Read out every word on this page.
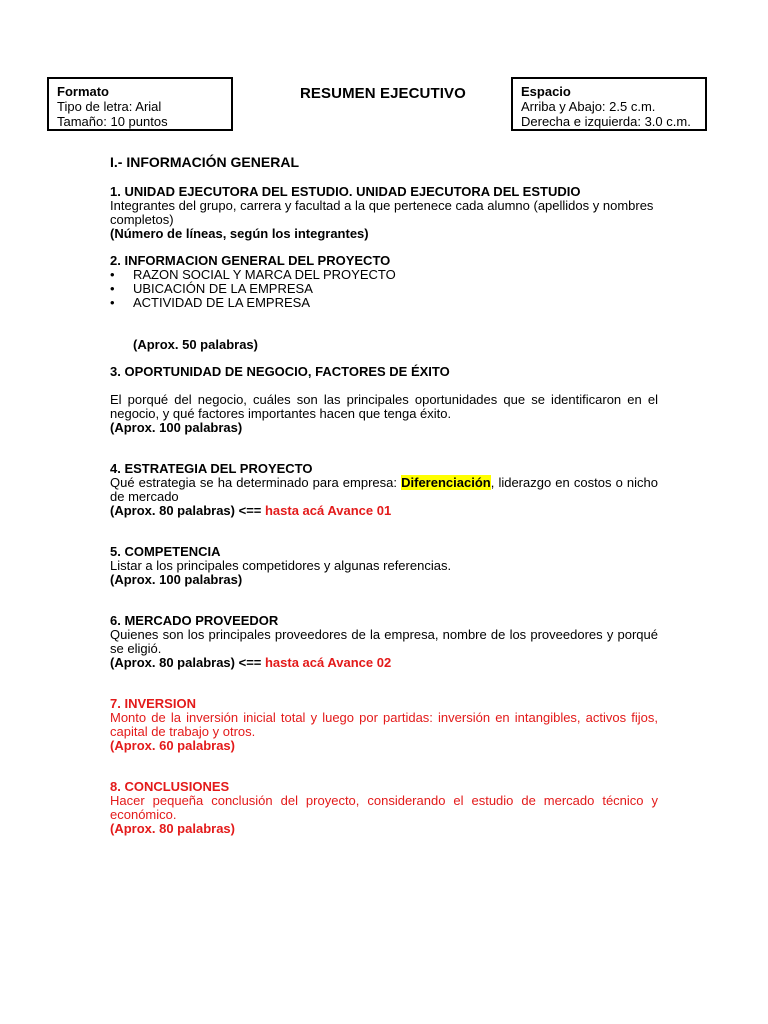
Formato
Tipo de letra: Arial
Tamaño: 10 puntos
RESUMEN EJECUTIVO	Espacio
Arriba y Abajo: 2.5 c.m.
Derecha e izquierda: 3.0 c.m.
I.- INFORMACIÓN GENERAL
1. UNIDAD EJECUTORA DEL ESTUDIO. UNIDAD EJECUTORA DEL ESTUDIO
Integrantes del grupo, carrera y facultad a la que pertenece cada alumno (apellidos y nombres completos)
(Número de líneas, según los integrantes)
2. INFORMACION GENERAL DEL PROYECTO
• RAZON SOCIAL Y MARCA DEL PROYECTO
• UBICACIÓN DE LA EMPRESA
• ACTIVIDAD DE LA EMPRESA
(Aprox. 50 palabras)
3. OPORTUNIDAD DE NEGOCIO, FACTORES DE ÉXITO
El porqué del negocio, cuáles son las principales oportunidades que se identificaron en el negocio, y qué factores importantes hacen que tenga éxito.
(Aprox. 100 palabras)
4. ESTRATEGIA DEL PROYECTO
Qué estrategia se ha determinado para empresa: Diferenciación, liderazgo en costos o nicho de mercado
(Aprox. 80 palabras) <== hasta acá Avance 01
5. COMPETENCIA
Listar a los principales competidores y algunas referencias.
(Aprox. 100 palabras)
6. MERCADO PROVEEDOR
Quienes son los principales proveedores de la empresa, nombre de los proveedores y porqué se eligió.
(Aprox. 80 palabras) <== hasta acá Avance 02
7. INVERSION
Monto de la inversión inicial total y luego por partidas: inversión en intangibles, activos fijos, capital de trabajo y otros.
(Aprox. 60 palabras)
8. CONCLUSIONES
Hacer pequeña conclusión del proyecto, considerando el estudio de mercado técnico y económico.
(Aprox. 80 palabras)
